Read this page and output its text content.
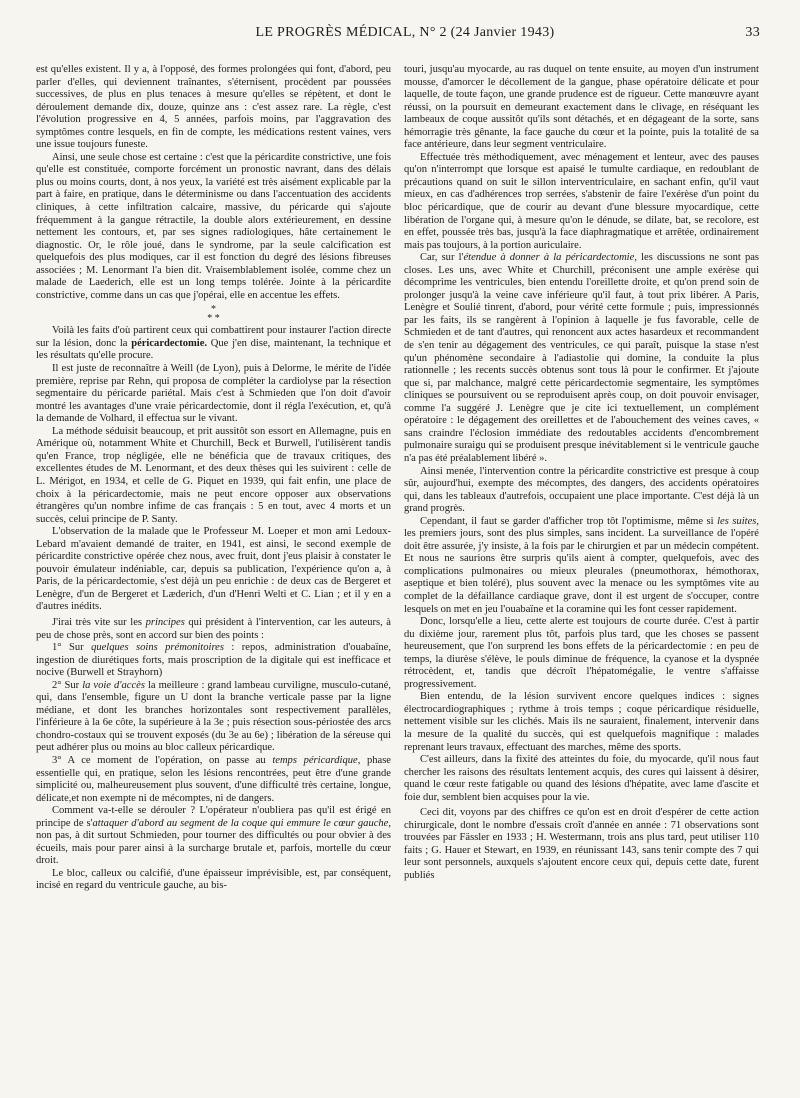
LE PROGRÈS MÉDICAL, N° 2 (24 Janvier 1943)	33

est qu'elles existent. Il y a, à l'opposé, des formes prolongées qui font, d'abord, peu parler d'elles, qui deviennent traînantes, s'éternisent, procèdent par poussées successives, de plus en plus tenaces à mesure qu'elles se répètent, et dont le déroulement demande dix, douze, quinze ans : c'est assez rare. La règle, c'est l'évolution progressive en 4, 5 années, parfois moins, par l'aggravation des symptômes contre lesquels, en fin de compte, les médications restent vaines, vers une issue toujours funeste.

Ainsi, une seule chose est certaine : c'est que la péricardite constrictive, une fois qu'elle est constituée, comporte forcément un pronostic navrant, dans des délais plus ou moins courts, dont, à nos yeux, la variété est très aisément explicable par la part à faire, en pratique, dans le déterminisme ou dans l'accentuation des accidents cliniques, à cette infiltration calcaire, massive, du péricarde qui s'ajoute fréquemment à la gangue rétractile, la double alors extérieurement, en dessine nettement les contours, et, par ses signes radiologiques, hâte certainement le diagnostic. Or, le rôle joué, dans le syndrome, par la seule calcification est quelquefois des plus modiques, car il est fonction du degré des lésions fibreuses associées ; M. Lenormant l'a bien dit. Vraisemblablement isolée, comme chez un malade de Laederich, elle est un long temps tolérée. Jointe à la péricardite constrictive, comme dans un cas que j'opérai, elle en accentue les effets.

*
* *

Voilà les faits d'où partirent ceux qui combattirent pour instaurer l'action directe sur la lésion, donc la péricardectomie. Que j'en dise, maintenant, la technique et les résultats qu'elle procure.

Il est juste de reconnaître à Weill (de Lyon), puis à Delorme, le mérite de l'idée première, reprise par Rehn, qui proposa de compléter la cardiolyse par la résection segmentaire du péricarde pariétal. Mais c'est à Schmieden que l'on doit d'avoir montré les avantages d'une vraie péricardectomie, dont il régla l'exécution, et, qu'à la demande de Volhard, il effectua sur le vivant.

La méthode séduisit beaucoup, et prit aussitôt son essort en Allemagne, puis en Amérique où, notamment White et Churchill, Beck et Burwell, l'utilisèrent tandis qu'en France, trop négligée, elle ne bénéficia que de travaux critiques, des excellentes études de M. Lenormant, et des deux thèses qui les suivirent : celle de L. Mérigot, en 1934, et celle de G. Piquet en 1939, qui fait enfin, une place de choix à la péricardectomie, mais ne peut encore opposer aux observations étrangères qu'un nombre infime de cas français : 5 en tout, avec 4 morts et un succès, celui principe de P. Santy.

L'observation de la malade que le Professeur M. Loeper et mon ami Ledoux-Lebard m'avaient demandé de traiter, en 1941, est ainsi, le second exemple de péricardite constrictive opérée chez nous, avec fruit, dont j'eus plaisir à constater le pouvoir émulateur indéniable, car, depuis sa publication, l'expérience qu'on a, à Paris, de la péricardectomie, s'est déjà un peu enrichie : de deux cas de Bergeret et Lenègre, d'un de Bergeret et Læderich, d'un d'Henri Welti et C. Lian ; et il y en a d'autres inédits.

J'irai très vite sur les principes qui président à l'intervention, car les auteurs, à peu de chose près, sont en accord sur bien des points :

1° Sur quelques soins prémonitoires : repos, administration d'ouabaïne, ingestion de diurétiques forts, mais proscription de la digitale qui est inefficace et nocive (Burwell et Strayhorn)

2° Sur la voie d'accès la meilleure : grand lambeau curviligne, musculo-cutané, qui, dans l'ensemble, figure un U dont la branche verticale passe par la ligne médiane, et dont les branches horizontales sont respectivement parallèles, l'inférieure à la 6e côte, la supérieure à la 3e ; puis résection sous-périostée des arcs chondro-costaux qui se trouvent exposés (du 3e au 6e) ; libération de la séreuse qui peut adhérer plus ou moins au bloc calleux péricardique.

3° A ce moment de l'opération, on passe au temps péricardique, phase essentielle qui, en pratique, selon les lésions rencontrées, peut être d'une grande simplicité ou, malheureusement plus souvent, d'une difficulté très certaine, longue, délicate,et non exempte ni de mécomptes, ni de dangers.

Comment va-t-elle se dérouler ? L'opérateur n'oubliera pas qu'il est érigé en principe de s'attaquer d'abord au segment de la coque qui emmure le cœur gauche, non pas, à dit surtout Schmieden, pour tourner des difficultés ou pour obvier à des écueils, mais pour parer ainsi à la surcharge brutale et, parfois, mortelle du cœur droit.

Le bloc, calleux ou calcifié, d'une épaisseur imprévisible, est, par conséquent, incisé en regard du ventricule gauche, au bis-

touri, jusqu'au myocarde, au ras duquel on tente ensuite, au moyen d'un instrument mousse, d'amorcer le décollement de la gangue, phase opératoire délicate et pour laquelle, de toute façon, une grande prudence est de rigueur. Cette manœuvre ayant réussi, on la poursuit en demeurant exactement dans le clivage, en réséquant les lambeaux de coque aussitôt qu'ils sont détachés, et en dégageant de la sorte, sans hémorragie très gênante, la face gauche du cœur et la pointe, puis la totalité de sa face antérieure, dans leur segment ventriculaire.

Effectuée très méthodiquement, avec ménagement et lenteur, avec des pauses qu'on n'interrompt que lorsque est apaisé le tumulte cardiaque, en redoublant de précautions quand on suit le sillon interventriculaire, en sachant enfin, qu'il vaut mieux, en cas d'adhérences trop serrées, s'abstenir de faire l'exérèse d'un point du bloc péricardique, que de courir au devant d'une blessure myocardique, cette libération de l'organe qui, à mesure qu'on le dénude, se dilate, bat, se recolore, est en effet, poussée très bas, jusqu'à la face diaphragmatique et arrêtée, ordinairement mais pas toujours, à la portion auriculaire.

Car, sur l'étendue à donner à la péricardectomie, les discussions ne sont pas closes. Les uns, avec White et Churchill, préconisent une ample exérèse qui décomprime les ventricules, bien entendu l'oreillette droite, et qu'on prend soin de prolonger jusqu'à la veine cave inférieure qu'il faut, à tout prix libérer. A Paris, Lenègre et Soulié tinrent, d'abord, pour vérité cette formule ; puis, impressionnés par les faits, ils se rangèrent à l'opinion à laquelle je fus favorable, celle de Schmieden et de tant d'autres, qui renoncent aux actes hasardeux et recommandent de s'en tenir au dégagement des ventricules, ce qui paraît, puisque la stase n'est qu'un phénomène secondaire à l'adiastolie qui domine, la conduite la plus rationnelle ; les recents succès obtenus sont tous là pour le confirmer. Et j'ajoute que si, par malchance, malgré cette péricardectomie segmentaire, les symptômes cliniques se poursuivent ou se reproduisent après coup, on doit pouvoir envisager, comme l'a suggéré J. Lenègre que je cite ici textuellement, un complément opératoire : le dégagement des oreillettes et de l'abouchement des veines caves, « sans craindre l'éclosion immédiate des redoutables accidents d'encombrement pulmonaire suraigu qui se produisent presque inévitablement si le ventricule gauche n'a pas été préalablement libéré ».

Ainsi menée, l'intervention contre la péricardite constrictive est presque à coup sûr, aujourd'hui, exempte des mécomptes, des dangers, des accidents opératoires qui, dans les tableaux d'autrefois, occupaient une place importante. C'est déjà là un grand progrès.

Cependant, il faut se garder d'afficher trop tôt l'optimisme, même si les suites, les premiers jours, sont des plus simples, sans incident. La surveillance de l'opéré doit être assurée, j'y insiste, à la fois par le chirurgien et par un médecin compétent. Et nous ne saurions être surpris qu'ils aient à compter, quelquefois, avec des complications pulmonaires ou mieux pleurales (pneumothorax, hémothorax, aseptique et bien toléré), plus souvent avec la menace ou les symptômes vite au complet de la défaillance cardiaque grave, dont il est urgent de s'occuper, contre lesquels on met en jeu l'ouabaïne et la coramine qui les font cesser rapidement.

Donc, lorsqu'elle a lieu, cette alerte est toujours de courte durée. C'est à partir du dixième jour, rarement plus tôt, parfois plus tard, que les choses se passent heureusement, que l'on surprend les bons effets de la péricardectomie : en peu de temps, la diurèse s'élève, le pouls diminue de fréquence, la cyanose et la dyspnée rétrocèdent, et, tandis que décroît l'hépatomégalie, le ventre s'affaisse progressivement.

Bien entendu, de la lésion survivent encore quelques indices : signes électrocardiographiques ; rythme à trois temps ; coque péricardique résiduelle, nettement visible sur les clichés. Mais ils ne sauraient, finalement, intervenir dans la mesure de la qualité du succès, qui est quelquefois magnifique : malades reprenant leurs travaux, effectuant des marches, même des sports.

C'est ailleurs, dans la fixité des atteintes du foie, du myocarde, qu'il nous faut chercher les raisons des résultats lentement acquis, des cures qui laissent à désirer, quand le cœur reste fatigable ou quand des lésions d'hépatite, avec lame d'ascite et foie dur, semblent bien acquises pour la vie.

Ceci dit, voyons par des chiffres ce qu'on est en droit d'espérer de cette action chirurgicale, dont le nombre d'essais croît d'année en année : 71 observations sont trouvées par Fässler en 1933 ; H. Westermann, trois ans plus tard, peut utiliser 110 faits ; G. Hauer et Stewart, en 1939, en réunissant 143, sans tenir compte des 7 qui leur sont personnels, auxquels s'ajoutent encore ceux qui, depuis cette date, furent publiés
